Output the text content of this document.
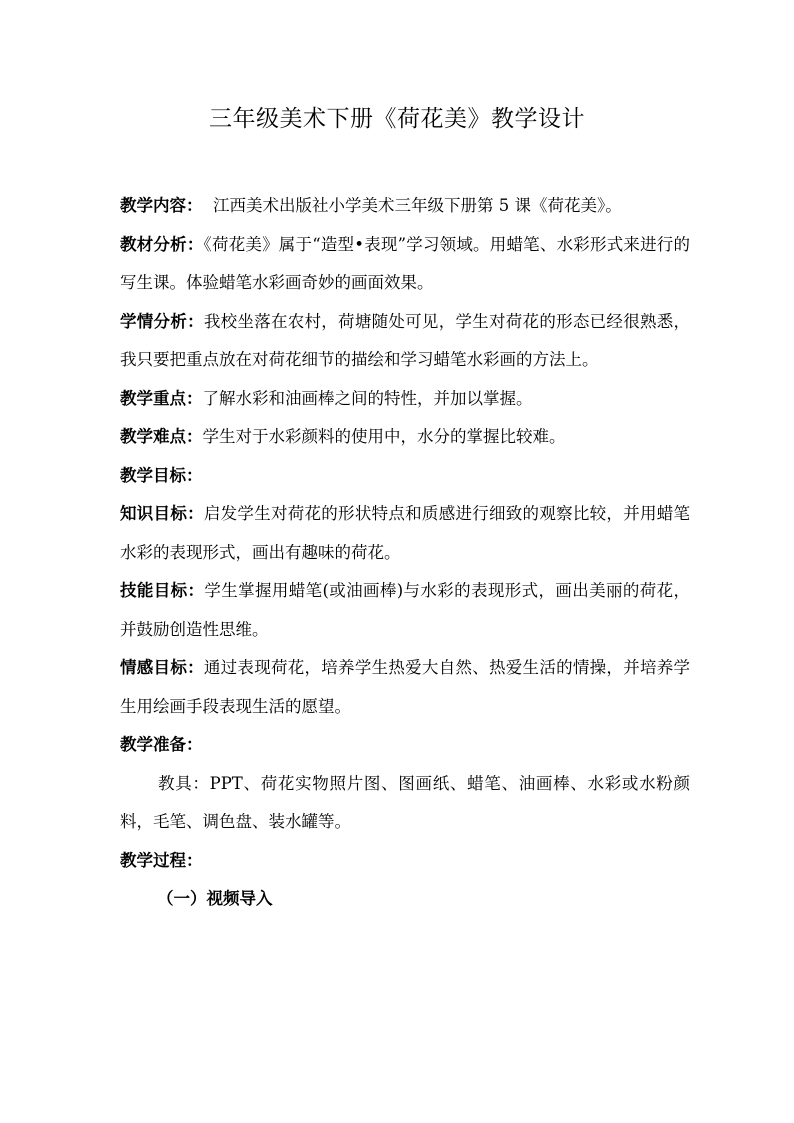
三年级美术下册《荷花美》教学设计

教学内容：  江西美术出版社小学美术三年级下册第 5 课《荷花美》。

教材分析：《荷花美》属于“造型•表现”学习领域。用蜡笔、水彩形式来进行的写生课。体验蜡笔水彩画奇妙的画面效果。

学情分析：我校坐落在农村，荷塘随处可见，学生对荷花的形态已经很熟悉，我只要把重点放在对荷花细节的描绘和学习蜡笔水彩画的方法上。

教学重点：了解水彩和油画棒之间的特性，并加以掌握。

教学难点：学生对于水彩颜料的使用中，水分的掌握比较难。

教学目标：

知识目标：启发学生对荷花的形状特点和质感进行细致的观察比较，并用蜡笔水彩的表现形式，画出有趣味的荷花。

技能目标：学生掌握用蜡笔(或油画棒)与水彩的表现形式，画出美丽的荷花，并鼓励创造性思维。

情感目标：通过表现荷花，培养学生热爱大自然、热爱生活的情操，并培养学生用绘画手段表现生活的愿望。

教学准备：

教具：PPT、荷花实物照片图、图画纸、蜡笔、油画棒、水彩或水粉颜料，毛笔、调色盘、装水罐等。

教学过程：

（一）视频导入
